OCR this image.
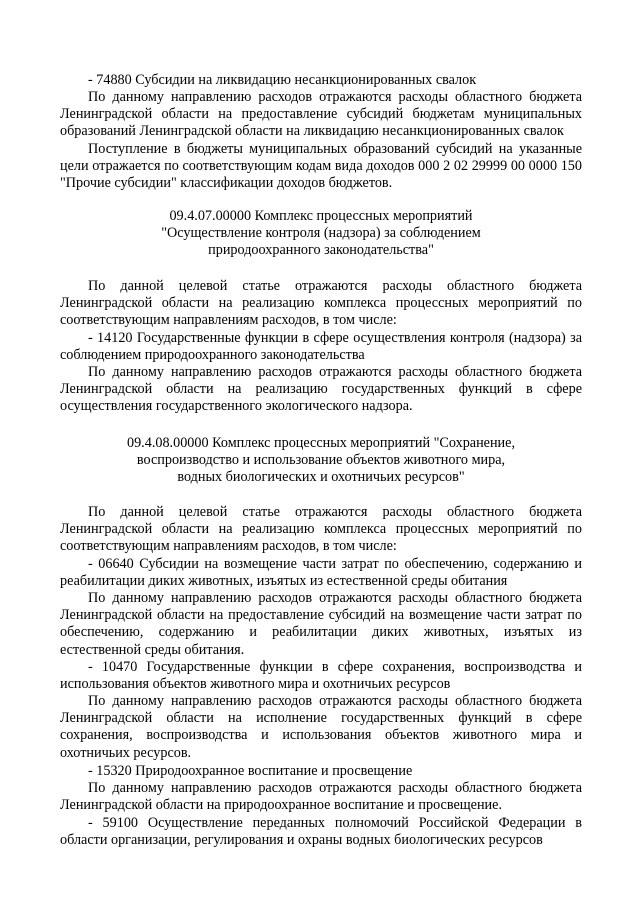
- 74880 Субсидии на ликвидацию несанкционированных свалок

По данному направлению расходов отражаются расходы областного бюджета Ленинградской области на предоставление субсидий бюджетам муниципальных образований Ленинградской области на ликвидацию несанкционированных свалок

Поступление в бюджеты муниципальных образований субсидий на указанные цели отражается по соответствующим кодам вида доходов 000 2 02 29999 00 0000 150 "Прочие субсидии" классификации доходов бюджетов.

09.4.07.00000 Комплекс процессных мероприятий
"Осуществление контроля (надзора) за соблюдением
природоохранного законодательства"

По данной целевой статье отражаются расходы областного бюджета Ленинградской области на реализацию комплекса процессных мероприятий по соответствующим направлениям расходов, в том числе:

- 14120 Государственные функции в сфере осуществления контроля (надзора) за соблюдением природоохранного законодательства

По данному направлению расходов отражаются расходы областного бюджета Ленинградской области на реализацию государственных функций в сфере осуществления государственного экологического надзора.

09.4.08.00000 Комплекс процессных мероприятий "Сохранение,
воспроизводство и использование объектов животного мира,
водных биологических и охотничьих ресурсов"

По данной целевой статье отражаются расходы областного бюджета Ленинградской области на реализацию комплекса процессных мероприятий по соответствующим направлениям расходов, в том числе:

- 06640 Субсидии на возмещение части затрат по обеспечению, содержанию и реабилитации диких животных, изъятых из естественной среды обитания

По данному направлению расходов отражаются расходы областного бюджета Ленинградской области на предоставление субсидий на возмещение части затрат по обеспечению, содержанию и реабилитации диких животных, изъятых из естественной среды обитания.

- 10470 Государственные функции в сфере сохранения, воспроизводства и использования объектов животного мира и охотничьих ресурсов

По данному направлению расходов отражаются расходы областного бюджета Ленинградской области на исполнение государственных функций в сфере сохранения, воспроизводства и использования объектов животного мира и охотничьих ресурсов.

- 15320 Природоохранное воспитание и просвещение

По данному направлению расходов отражаются расходы областного бюджета Ленинградской области на природоохранное воспитание и просвещение.

- 59100 Осуществление переданных полномочий Российской Федерации в области организации, регулирования и охраны водных биологических ресурсов
